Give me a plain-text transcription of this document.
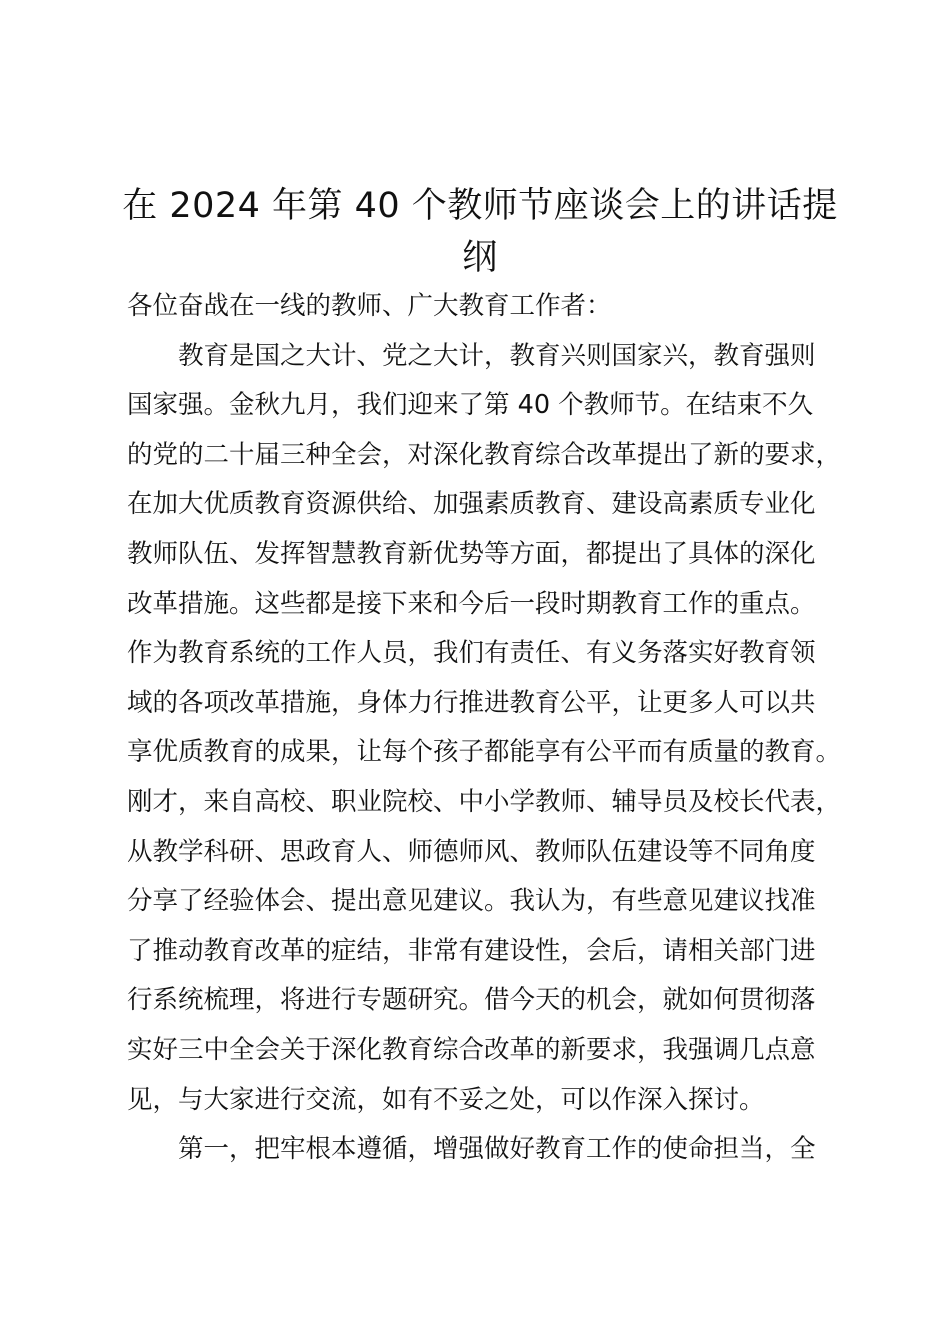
在 2024 年第 40 个教师节座谈会上的讲话提
纲

各位奋战在一线的教师、广大教育工作者：

教育是国之大计、党之大计，教育兴则国家兴，教育强则
国家强。金秋九月，我们迎来了第 40 个教师节。在结束不久
的党的二十届三种全会，对深化教育综合改革提出了新的要求，
在加大优质教育资源供给、加强素质教育、建设高素质专业化
教师队伍、发挥智慧教育新优势等方面，都提出了具体的深化
改革措施。这些都是接下来和今后一段时期教育工作的重点。
作为教育系统的工作人员，我们有责任、有义务落实好教育领
域的各项改革措施，身体力行推进教育公平，让更多人可以共
享优质教育的成果，让每个孩子都能享有公平而有质量的教育。
刚才，来自高校、职业院校、中小学教师、辅导员及校长代表，
从教学科研、思政育人、师德师风、教师队伍建设等不同角度
分享了经验体会、提出意见建议。我认为，有些意见建议找准
了推动教育改革的症结，非常有建设性，会后，请相关部门进
行系统梳理，将进行专题研究。借今天的机会，就如何贯彻落
实好三中全会关于深化教育综合改革的新要求，我强调几点意
见，与大家进行交流，如有不妥之处，可以作深入探讨。

第一，把牢根本遵循，增强做好教育工作的使命担当，全
